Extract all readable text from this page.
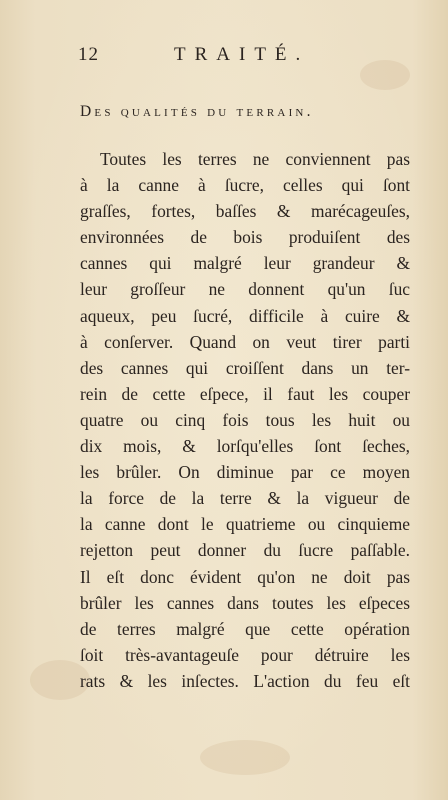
12	TRAITÉ.
Des qualités du terrain.
Toutes les terres ne conviennent pas
à la canne à ſucre, celles qui ſont
graſſes, fortes, baſſes & marécageuſes,
environnées de bois produiſent des
cannes qui malgré leur grandeur &
leur groſſeur ne donnent qu'un ſuc
aqueux, peu ſucré, difficile à cuire &
à conſerver. Quand on veut tirer parti
des cannes qui croiſſent dans un ter-
rein de cette eſpece, il faut les couper
quatre ou cinq fois tous les huit ou
dix mois, & lorſqu'elles ſont ſeches,
les brûler. On diminue par ce moyen
la force de la terre & la vigueur de
la canne dont le quatrieme ou cinquieme
rejetton peut donner du ſucre paſſable.
Il eſt donc évident qu'on ne doit pas
brûler les cannes dans toutes les eſpeces
de terres malgré que cette opération
ſoit très-avantageuſe pour détruire les
rats & les inſectes. L'action du feu eſt
